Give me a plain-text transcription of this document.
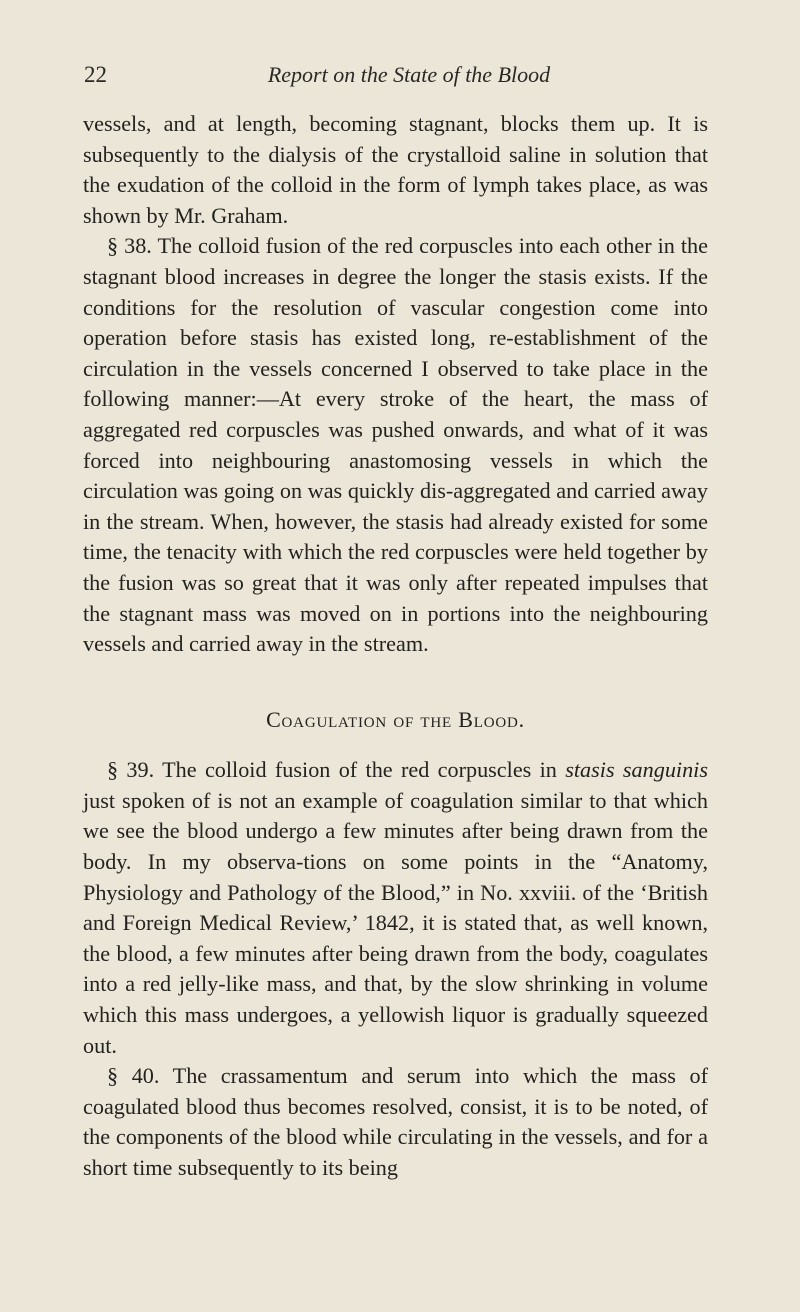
22	Report on the State of the Blood

vessels, and at length, becoming stagnant, blocks them up. It is subsequently to the dialysis of the crystalloid saline in solution that the exudation of the colloid in the form of lymph takes place, as was shown by Mr. Graham.

§ 38. The colloid fusion of the red corpuscles into each other in the stagnant blood increases in degree the longer the stasis exists. If the conditions for the resolution of vascular congestion come into operation before stasis has existed long, re-establishment of the circulation in the vessels concerned I observed to take place in the following manner:—At every stroke of the heart, the mass of aggregated red corpuscles was pushed onwards, and what of it was forced into neighbouring anastomosing vessels in which the circulation was going on was quickly dis-aggregated and carried away in the stream. When, however, the stasis had already existed for some time, the tenacity with which the red corpuscles were held together by the fusion was so great that it was only after repeated impulses that the stagnant mass was moved on in portions into the neighbouring vessels and carried away in the stream.

Coagulation of the Blood.

§ 39. The colloid fusion of the red corpuscles in stasis sanguinis just spoken of is not an example of coagulation similar to that which we see the blood undergo a few minutes after being drawn from the body. In my observa-tions on some points in the “Anatomy, Physiology and Pathology of the Blood,” in No. xxviii. of the ‘British and Foreign Medical Review,’ 1842, it is stated that, as well known, the blood, a few minutes after being drawn from the body, coagulates into a red jelly-like mass, and that, by the slow shrinking in volume which this mass undergoes, a yellowish liquor is gradually squeezed out.

§ 40. The crassamentum and serum into which the mass of coagulated blood thus becomes resolved, consist, it is to be noted, of the components of the blood while circulating in the vessels, and for a short time subsequently to its being
